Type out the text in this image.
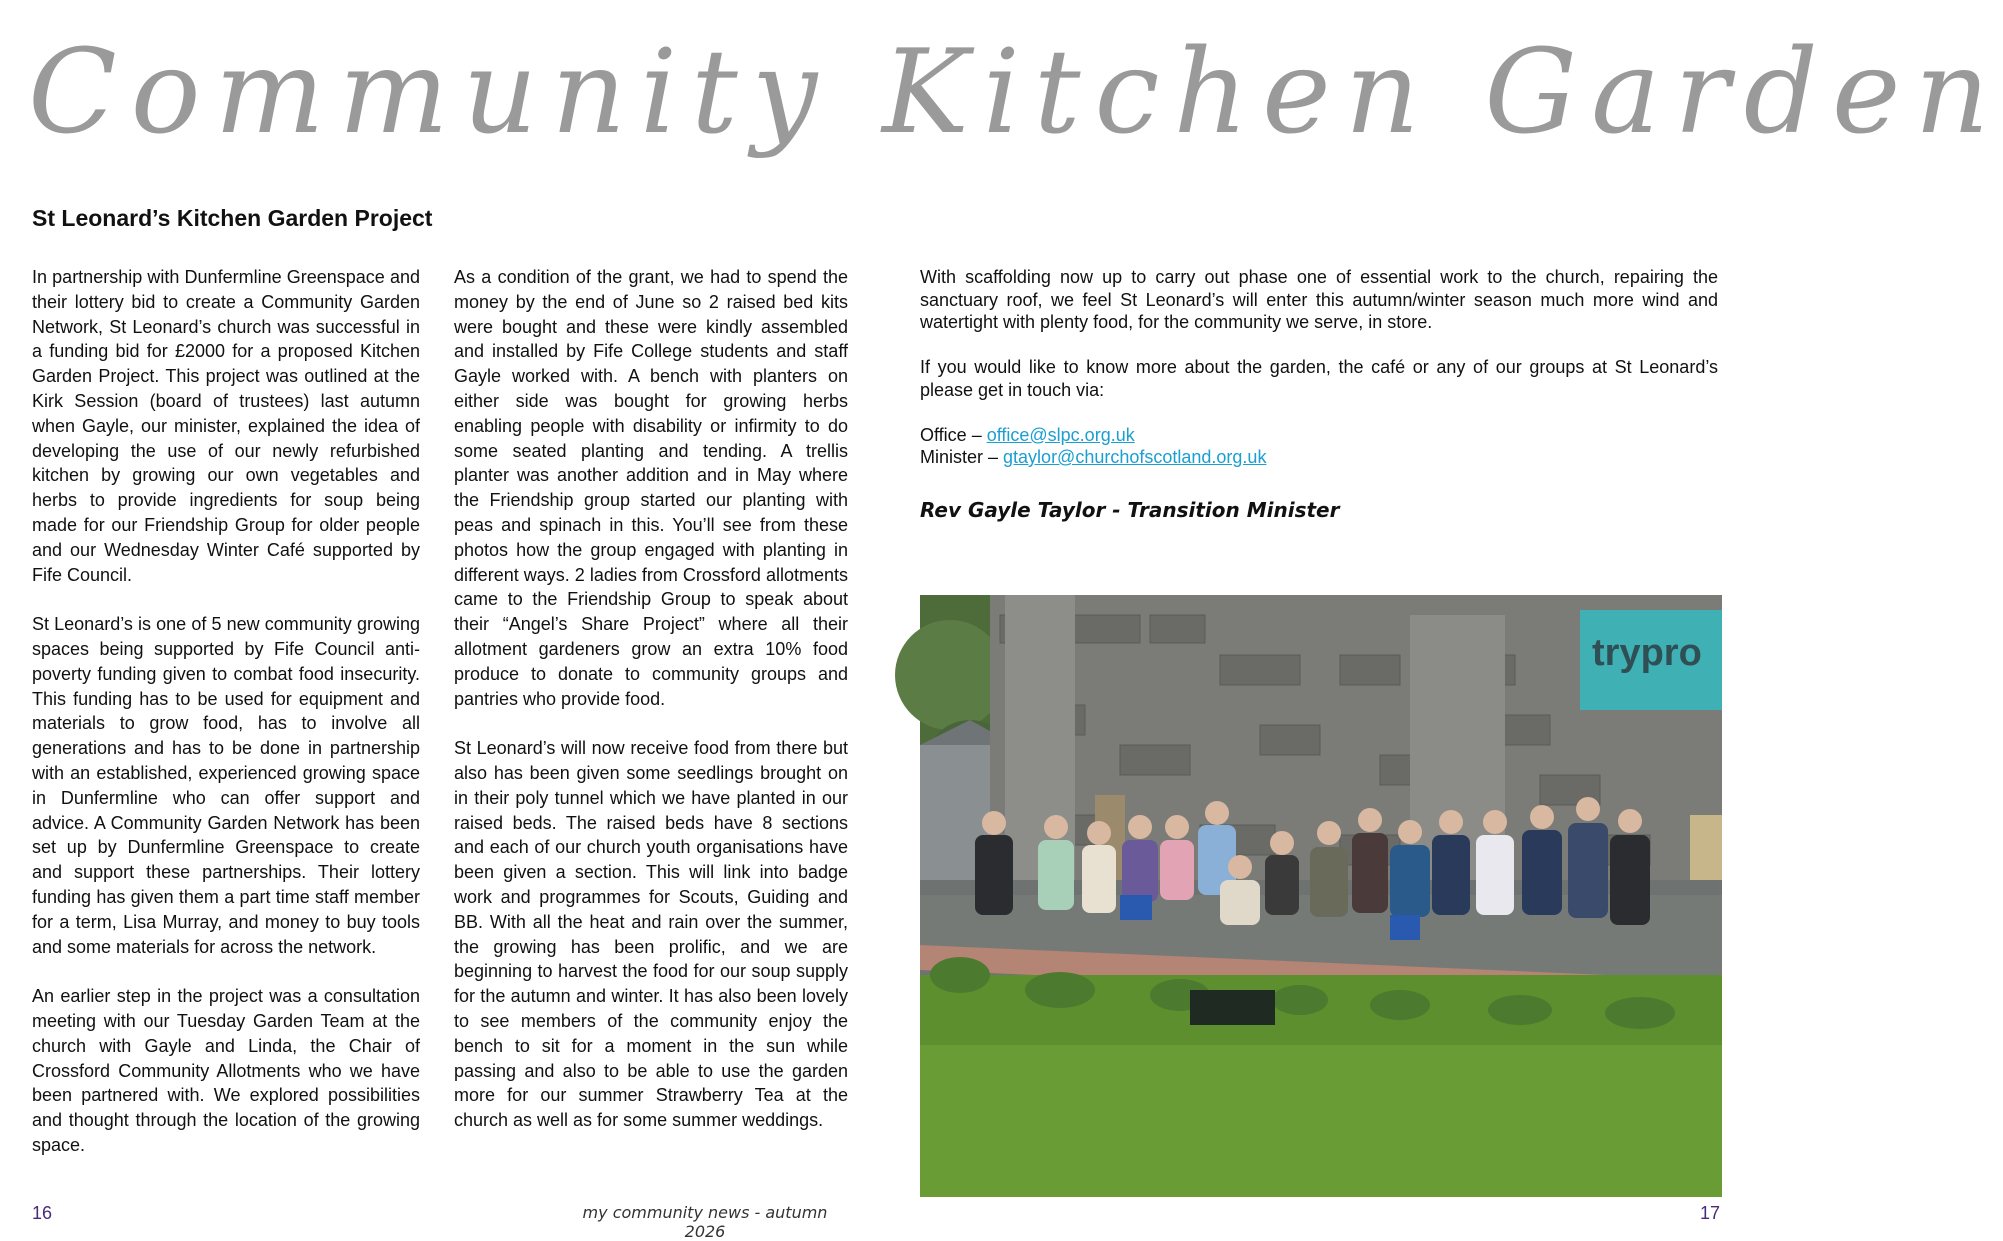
Community Kitchen Garden
St Leonard’s Kitchen Garden Project

In partnership with Dunfermline Greenspace and their lottery bid to create a Community Garden Network, St Leonard’s church was successful in a funding bid for £2000 for a proposed Kitchen Garden Project. This project was outlined at the Kirk Session (board of trustees) last autumn when Gayle, our minister, explained the idea of developing the use of our newly refurbished kitchen by growing our own vegetables and herbs to provide ingredients for soup being made for our Friendship Group for older people and our Wednesday Winter Café supported by Fife Council.

St Leonard’s is one of 5 new community growing spaces being supported by Fife Council anti-poverty funding given to combat food insecurity. This funding has to be used for equipment and materials to grow food, has to involve all generations and has to be done in partnership with an established, experienced growing space in Dunfermline who can offer support and advice. A Community Garden Network has been set up by Dunfermline Greenspace to create and support these partnerships. Their lottery funding has given them a part time staff member for a term, Lisa Murray, and money to buy tools and some materials for across the network.

An earlier step in the project was a consultation meeting with our Tuesday Garden Team at the church with Gayle and Linda, the Chair of Crossford Community Allotments who we have been partnered with. We explored possibilities and thought through the location of the growing space.

As a condition of the grant, we had to spend the money by the end of June so 2 raised bed kits were bought and these were kindly assembled and installed by Fife College students and staff Gayle worked with. A bench with planters on either side was bought for growing herbs enabling people with disability or infirmity to do some seated planting and tending. A trellis planter was another addition and in May where the Friendship group started our planting with peas and spinach in this. You’ll see from these photos how the group engaged with planting in different ways. 2 ladies from Crossford allotments came to the Friendship Group to speak about their “Angel’s Share Project” where all their allotment gardeners grow an extra 10% food produce to donate to community groups and pantries who provide food.

St Leonard’s will now receive food from there but also has been given some seedlings brought on in their poly tunnel which we have planted in our raised beds. The raised beds have 8 sections and each of our church youth organisations have been given a section. This will link into badge work and programmes for Scouts, Guiding and BB. With all the heat and rain over the summer, the growing has been prolific, and we are beginning to harvest the food for our soup supply for the autumn and winter. It has also been lovely to see members of the community enjoy the bench to sit for a moment in the sun while passing and also to be able to use the garden more for our summer Strawberry Tea at the church as well as for some summer weddings.

With scaffolding now up to carry out phase one of essential work to the church, repairing the sanctuary roof, we feel St Leonard’s will enter this autumn/winter season much more wind and watertight with plenty food, for the community we serve, in store.

If you would like to know more about the garden, the café or any of our groups at St Leonard’s please get in touch via:

Office – office@slpc.org.uk
Minister – gtaylor@churchofscotland.org.uk
Rev Gayle Taylor - Transition Minister
trypro
16	my community news - autumn 2026
17
